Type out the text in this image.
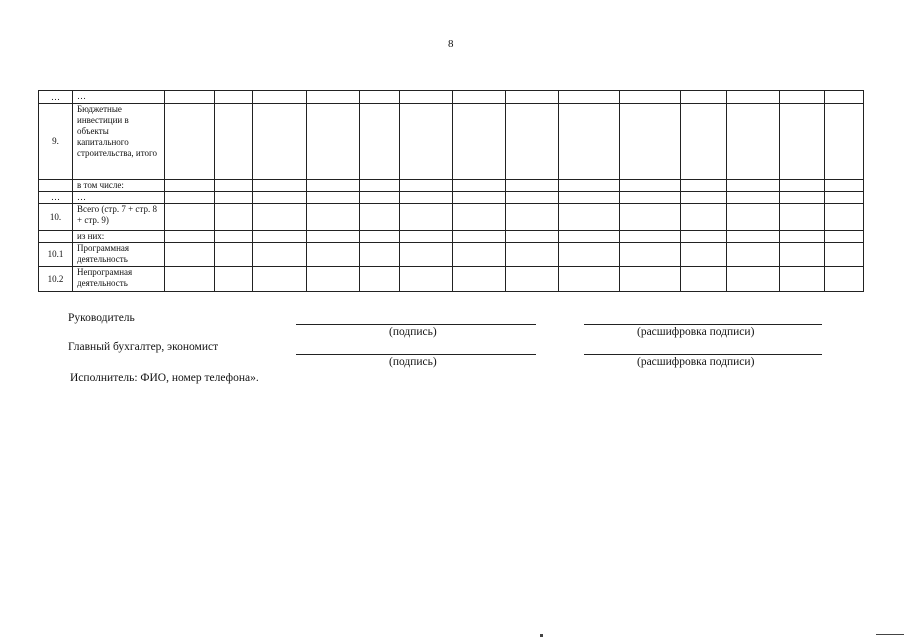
8
…	…														
9.	Бюджетные инвестиции в объекты капитального строительства, итого														
	в том числе:														
…	…														
10.	Всего (стр. 7 + стр. 8 + стр. 9)														
	из них:														
10.1	Программная деятельность														
10.2	Непрограмная деятельность														
Руководитель
(подпись)	(расшифровка подписи)
Главный бухгалтер, экономист
(подпись)	(расшифровка подписи)
Исполнитель: ФИО, номер телефона».
